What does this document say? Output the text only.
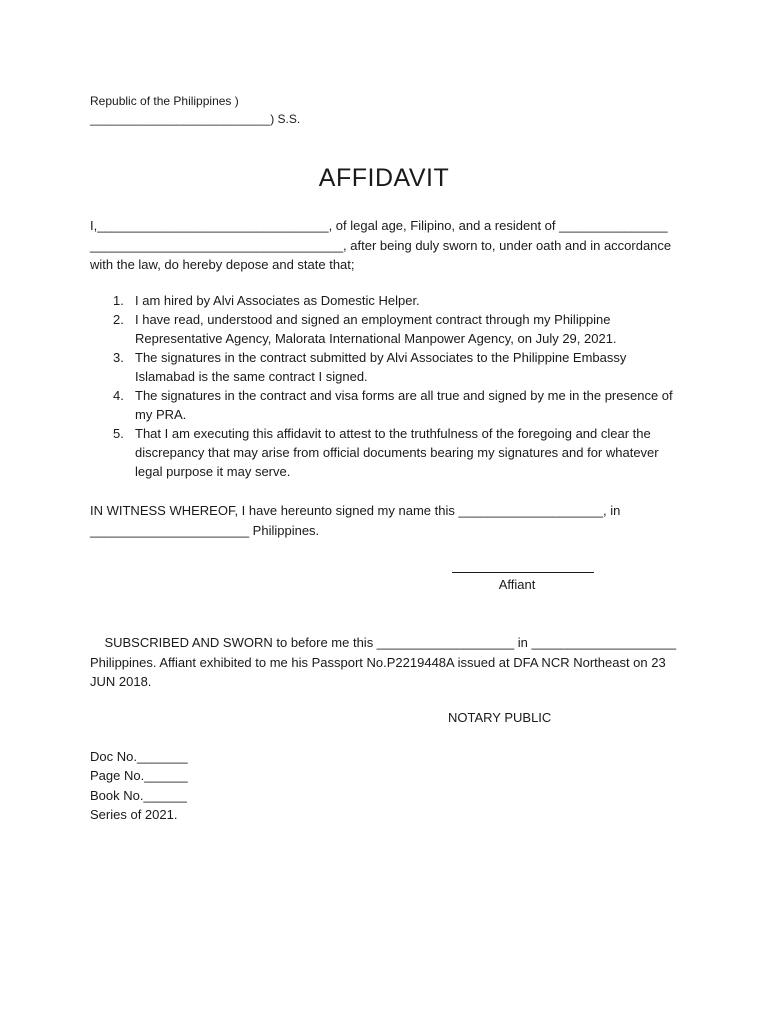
Republic of the Philippines )
___________________________) S.S.
AFFIDAVIT
I,________________________________, of legal age, Filipino, and a resident of _______________ ___________________________________, after being duly sworn to, under oath and in accordance with the law, do hereby depose and state that;
1. I am hired by Alvi Associates as Domestic Helper.
2. I have read, understood and signed an employment contract through my Philippine Representative Agency, Malorata International Manpower Agency, on July 29, 2021.
3. The signatures in the contract submitted by Alvi Associates to the Philippine Embassy Islamabad is the same contract I signed.
4. The signatures in the contract and visa forms are all true and signed by me in the presence of my PRA.
5. That I am executing this affidavit to attest to the truthfulness of the foregoing and clear the discrepancy that may arise from official documents bearing my signatures and for whatever legal purpose it may serve.
IN WITNESS WHEREOF, I have hereunto signed my name this ____________________, in ______________________ Philippines.
Affiant
SUBSCRIBED AND SWORN to before me this ___________________ in ____________________ Philippines. Affiant exhibited to me his Passport No.P2219448A issued at DFA NCR Northeast on 23 JUN 2018.
NOTARY PUBLIC
Doc No._______
Page No.______
Book No.______
Series of 2021.
